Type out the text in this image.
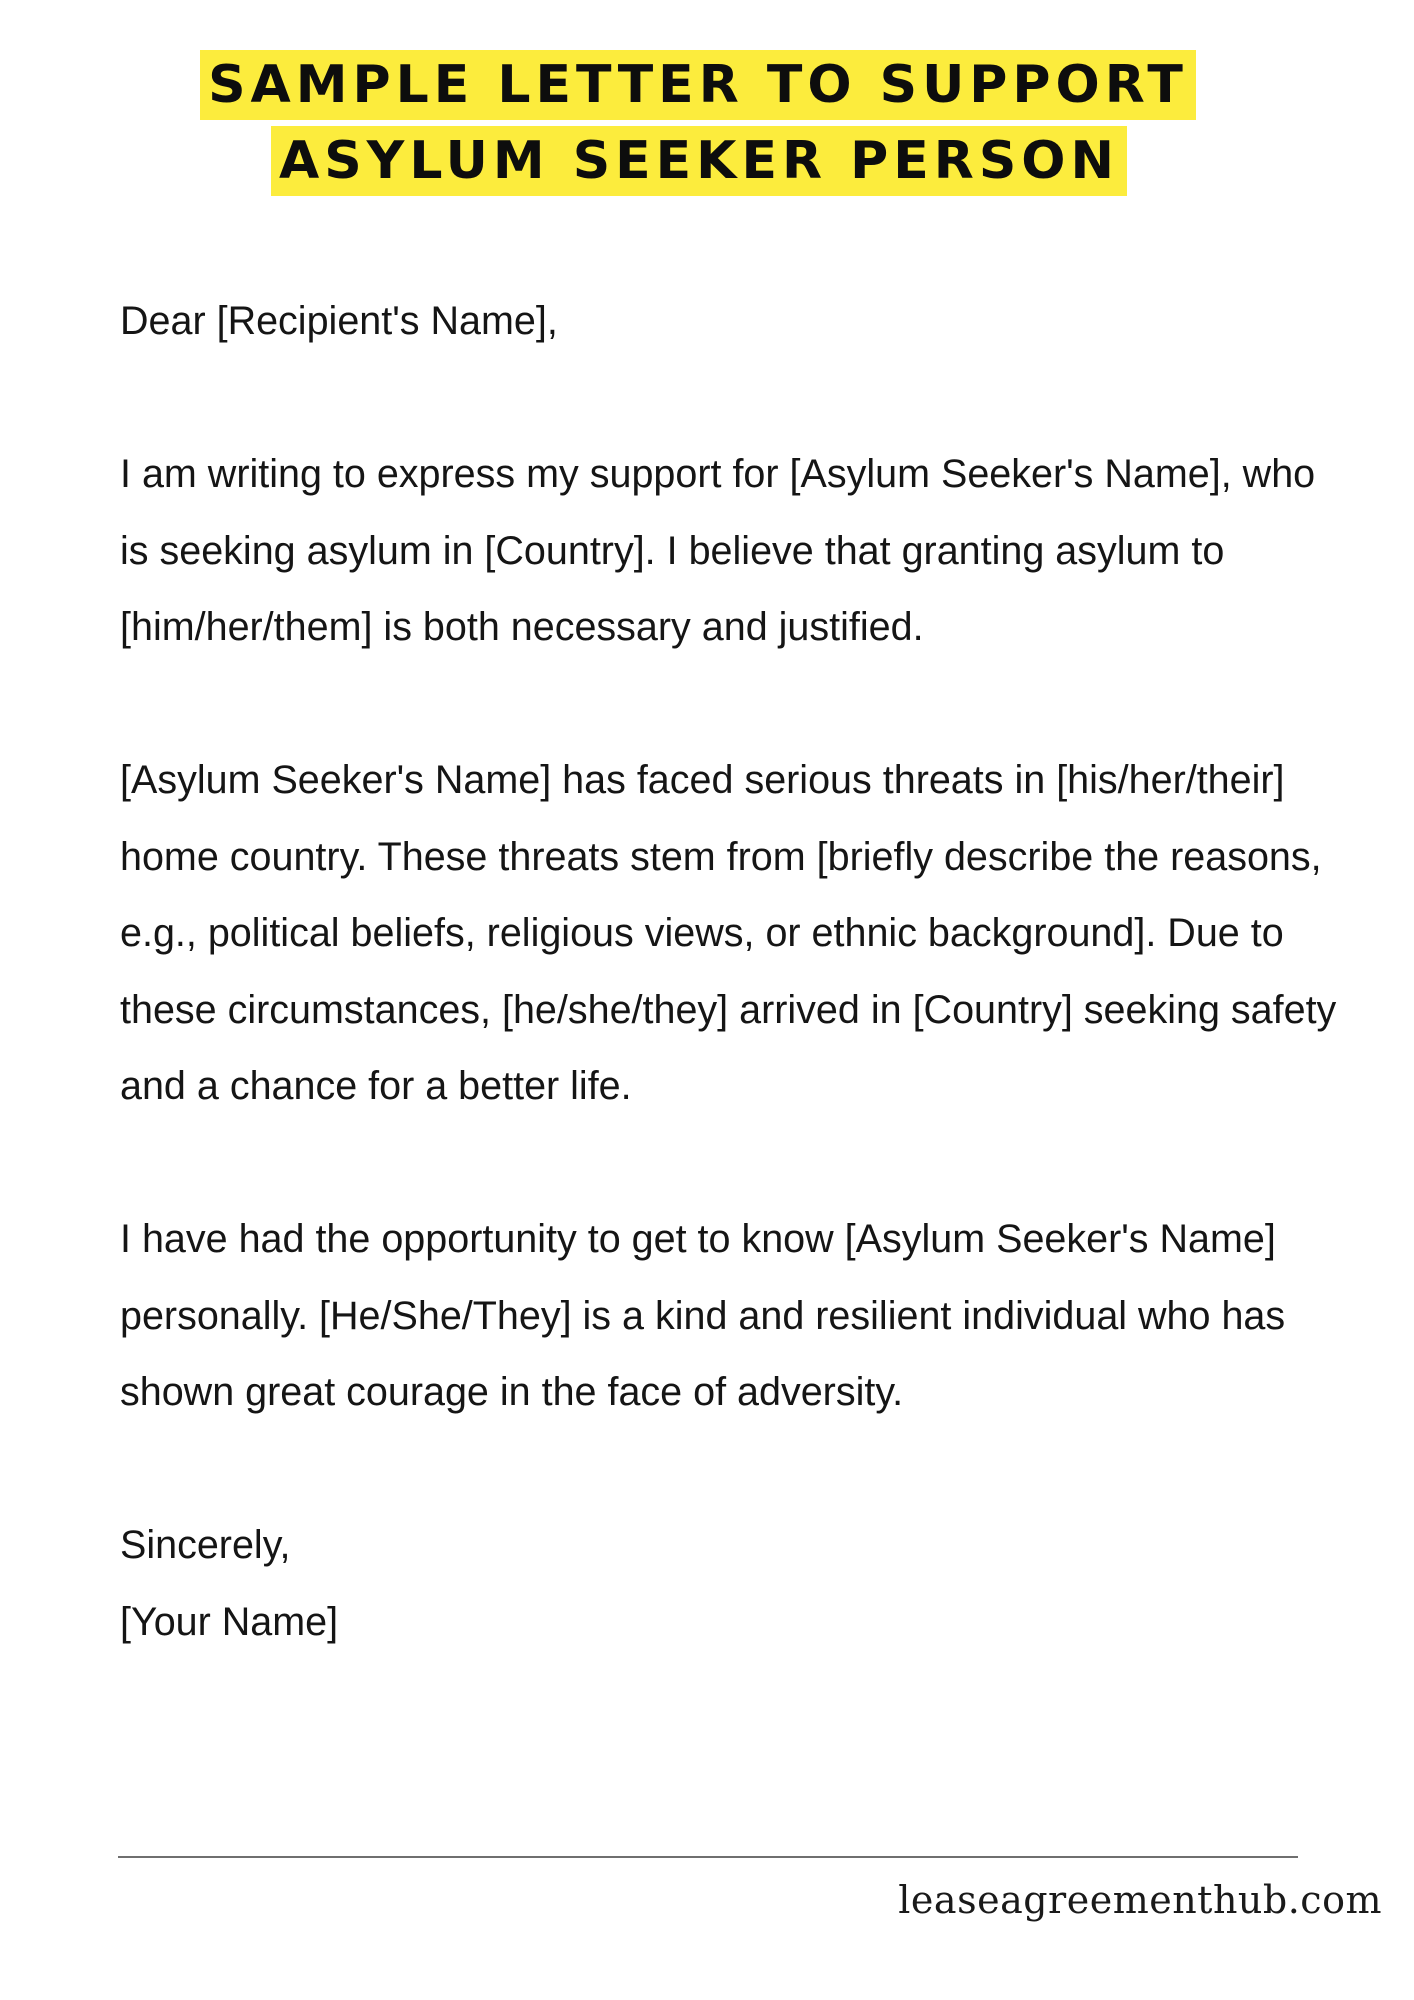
SAMPLE LETTER TO SUPPORT
ASYLUM SEEKER PERSON

Dear [Recipient's Name],

I am writing to express my support for [Asylum Seeker's Name], who is seeking asylum in [Country]. I believe that granting asylum to [him/her/them] is both necessary and justified.

[Asylum Seeker's Name] has faced serious threats in [his/her/their] home country. These threats stem from [briefly describe the reasons, e.g., political beliefs, religious views, or ethnic background]. Due to these circumstances, [he/she/they] arrived in [Country] seeking safety and a chance for a better life.

I have had the opportunity to get to know [Asylum Seeker's Name] personally. [He/She/They] is a kind and resilient individual who has shown great courage in the face of adversity.

Sincerely,

[Your Name]

leaseagreementhub.com
